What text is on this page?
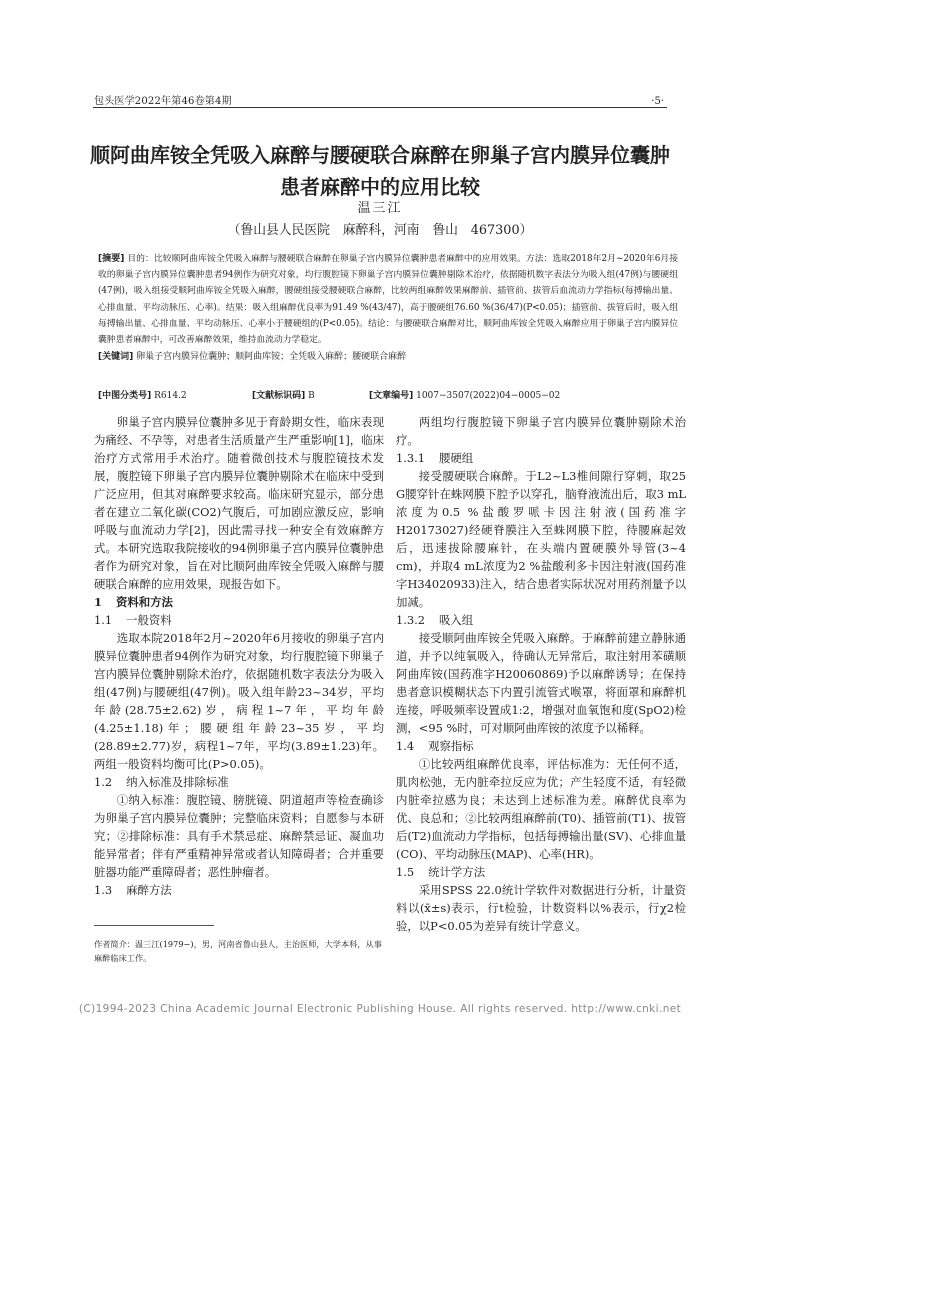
包头医学2022年第46卷第4期	·5·
顺阿曲库铵全凭吸入麻醉与腰硬联合麻醉在卵巢子宫内膜异位囊肿
患者麻醉中的应用比较
温三江
（鲁山县人民医院　麻醉科，河南　鲁山　467300）
[摘要] 目的：比较顺阿曲库铵全凭吸入麻醉与腰硬联合麻醉在卵巢子宫内膜异位囊肿患者麻醉中的应用效果。方法：选取2018年2月~2020年6月接收的卵巢子宫内膜异位囊肿患者94例作为研究对象，均行腹腔镜下卵巢子宫内膜异位囊肿剔除术治疗，依据随机数字表法分为吸入组(47例)与腰硬组(47例)，吸入组接受顺阿曲库铵全凭吸入麻醉，腰硬组接受腰硬联合麻醉，比较两组麻醉效果麻醉前、插管前、拔管后血流动力学指标(每搏输出量、心排血量、平均动脉压、心率)。结果：吸入组麻醉优良率为91.49 %(43/47)，高于腰硬组76.60 %(36/47)(P<0.05)；插管前、拔管后时，吸入组每搏输出量、心排血量、平均动脉压、心率小于腰硬组的(P<0.05)。结论：与腰硬联合麻醉对比，顺阿曲库铵全凭吸入麻醉应用于卵巢子宫内膜异位囊肿患者麻醉中，可改善麻醉效果，维持血流动力学稳定。
[关键词] 卵巢子宫内膜异位囊肿；顺阿曲库铵；全凭吸入麻醉；腰硬联合麻醉
[中图分类号] R614.2	[文献标识码] B	[文章编号] 1007−3507(2022)04−0005−02

卵巢子宫内膜异位囊肿多见于育龄期女性，临床表现为痛经、不孕等，对患者生活质量产生严重影响[1]，临床治疗方式常用手术治疗。随着微创技术与腹腔镜技术发展，腹腔镜下卵巢子宫内膜异位囊肿剔除术在临床中受到广泛应用，但其对麻醉要求较高。临床研究显示，部分患者在建立二氧化碳(CO2)气腹后，可加剧应激反应，影响呼吸与血流动力学[2]，因此需寻找一种安全有效麻醉方式。本研究选取我院接收的94例卵巢子宫内膜异位囊肿患者作为研究对象，旨在对比顺阿曲库铵全凭吸入麻醉与腰硬联合麻醉的应用效果，现报告如下。

1 资料和方法
1.1 一般资料

选取本院2018年2月~2020年6月接收的卵巢子宫内膜异位囊肿患者94例作为研究对象，均行腹腔镜下卵巢子宫内膜异位囊肿剔除术治疗，依据随机数字表法分为吸入组(47例)与腰硬组(47例)。吸入组年龄23~34岁，平均年龄(28.75±2.62)岁，病程1~7年，平均年龄(4.25±1.18)年；腰硬组年龄23~35岁，平均(28.89±2.77)岁，病程1~7年，平均(3.89±1.23)年。两组一般资料均衡可比(P>0.05)。

1.2 纳入标准及排除标准

①纳入标准：腹腔镜、膀胱镜、阴道超声等检查确诊为卵巢子宫内膜异位囊肿；完整临床资料；自愿参与本研究；②排除标准：具有手术禁忌症、麻醉禁忌证、凝血功能异常者；伴有严重精神异常或者认知障碍者；合并重要脏器功能严重障碍者；恶性肿瘤者。

1.3 麻醉方法

两组均行腹腔镜下卵巢子宫内膜异位囊肿剔除术治疗。

1.3.1 腰硬组

接受腰硬联合麻醉。于L2~L3椎间隙行穿刺，取25 G腰穿针在蛛网膜下腔予以穿孔，脑脊液流出后，取3 mL浓度为0.5 %盐酸罗哌卡因注射液(国药准字H20173027)经硬脊膜注入至蛛网膜下腔，待腰麻起效后，迅速拔除腰麻针，在头端内置硬膜外导管(3~4 cm)，并取4 mL浓度为2 %盐酸利多卡因注射液(国药准字H34020933)注入，结合患者实际状况对用药剂量予以加减。

1.3.2 吸入组

接受顺阿曲库铵全凭吸入麻醉。于麻醉前建立静脉通道，并予以纯氧吸入，待确认无异常后，取注射用苯磺顺阿曲库铵(国药准字H20060869)予以麻醉诱导；在保持患者意识模糊状态下内置引流管式喉罩，将面罩和麻醉机连接，呼吸频率设置成1:2，增强对血氧饱和度(SpO2)检测，<95 %时，可对顺阿曲库铵的浓度予以稀释。

1.4 观察指标

①比较两组麻醉优良率，评估标准为：无任何不适，肌肉松弛，无内脏牵拉反应为优；产生轻度不适，有轻微内脏牵拉感为良；未达到上述标准为差。麻醉优良率为优、良总和；②比较两组麻醉前(T0)、插管前(T1)、拔管后(T2)血流动力学指标，包括每搏输出量(SV)、心排血量(CO)、平均动脉压(MAP)、心率(HR)。

1.5 统计学方法

采用SPSS 22.0统计学软件对数据进行分析，计量资料以(x̄±s)表示，行t检验，计数资料以%表示，行χ2检验，以P<0.05为差异有统计学意义。

作者简介：温三江(1979−)，男，河南省鲁山县人，主治医师，大学本科，从事麻醉临床工作。
(C)1994-2023 China Academic Journal Electronic Publishing House. All rights reserved. http://www.cnki.net
